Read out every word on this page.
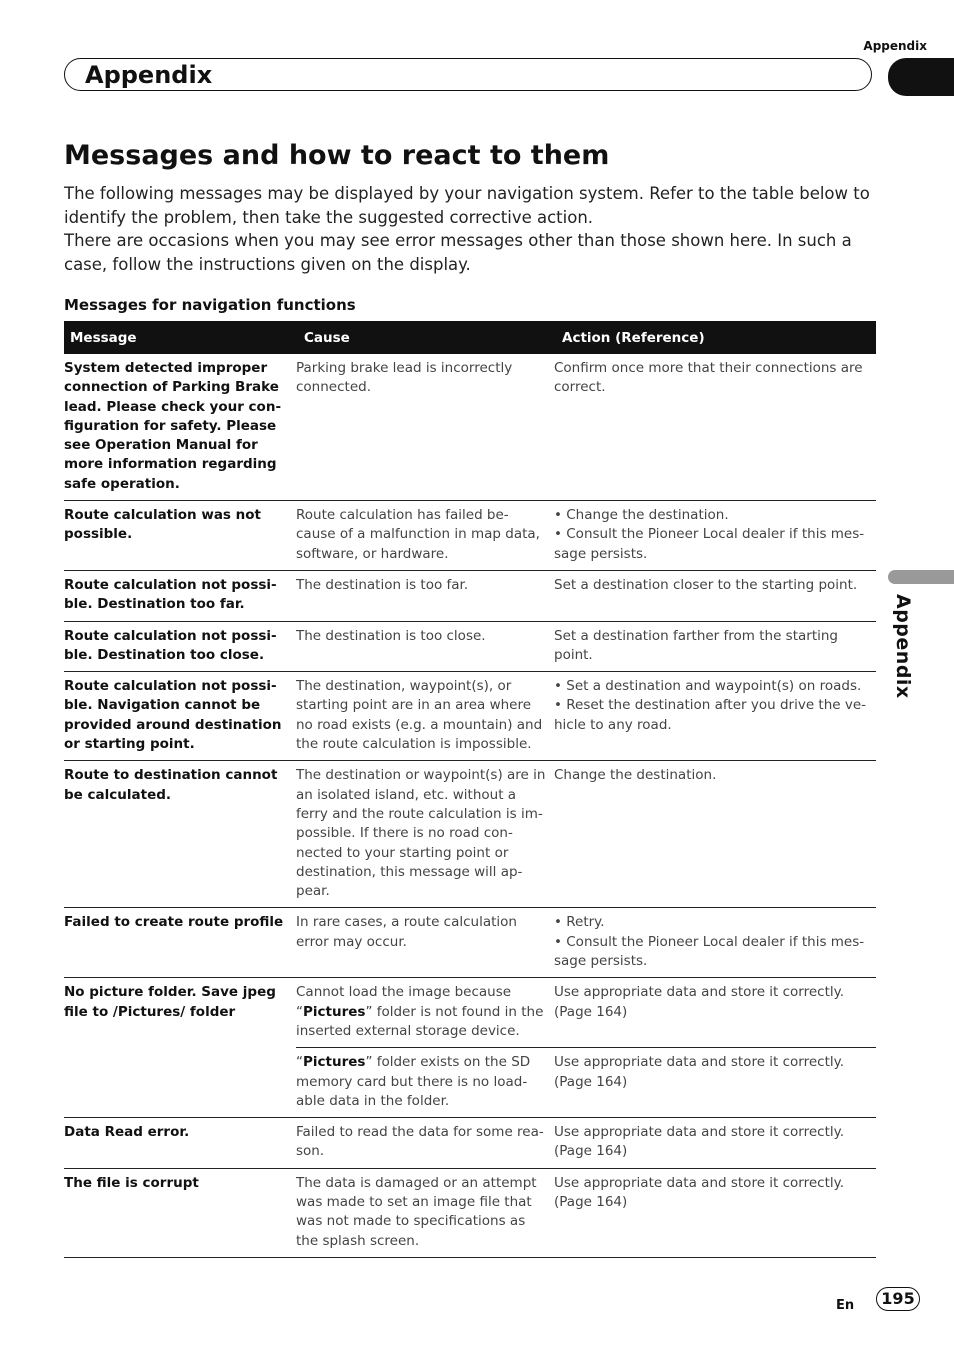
Appendix
Appendix
Appendix
Messages and how to react to them

The following messages may be displayed by your navigation system. Refer to the table below to identify the problem, then take the suggested corrective action.

There are occasions when you may see error messages other than those shown here. In such a case, follow the instructions given on the display.

Messages for navigation functions
Message	Cause	Action (Reference)
System detected improper connection of Parking Brake lead. Please check your con-figuration for safety. Please see Operation Manual for more information regarding safe operation.	Parking brake lead is incorrectly connected.	Confirm once more that their connections are correct.

Route calculation was not possible.	Route calculation has failed be-cause of a malfunction in map data, software, or hardware.	• Change the destination.
• Consult the Pioneer Local dealer if this mes-sage persists.

Route calculation not possi-ble. Destination too far.	The destination is too far.	Set a destination closer to the starting point.

Route calculation not possi-ble. Destination too close.	The destination is too close.	Set a destination farther from the starting point.

Route calculation not possi-ble. Navigation cannot be provided around destination or starting point.	The destination, waypoint(s), or starting point are in an area where no road exists (e.g. a mountain) and the route calculation is impossible.	• Set a destination and waypoint(s) on roads.
• Reset the destination after you drive the ve-hicle to any road.

Route to destination cannot be calculated.	The destination or waypoint(s) are in an isolated island, etc. without a ferry and the route calculation is im-possible. If there is no road con-nected to your starting point or destination, this message will ap-pear.	Change the destination.

Failed to create route profile	In rare cases, a route calculation error may occur.	• Retry.
• Consult the Pioneer Local dealer if this mes-sage persists.

No picture folder. Save jpeg file to /Pictures/ folder	Cannot load the image because “Pictures” folder is not found in the inserted external storage device.	Use appropriate data and store it correctly. (Page 164)

	“Pictures” folder exists on the SD memory card but there is no load-able data in the folder.	Use appropriate data and store it correctly. (Page 164)

Data Read error.	Failed to read the data for some rea-son.	Use appropriate data and store it correctly. (Page 164)

The file is corrupt	The data is damaged or an attempt was made to set an image file that was not made to specifications as the splash screen.	Use appropriate data and store it correctly. (Page 164)
En	195
